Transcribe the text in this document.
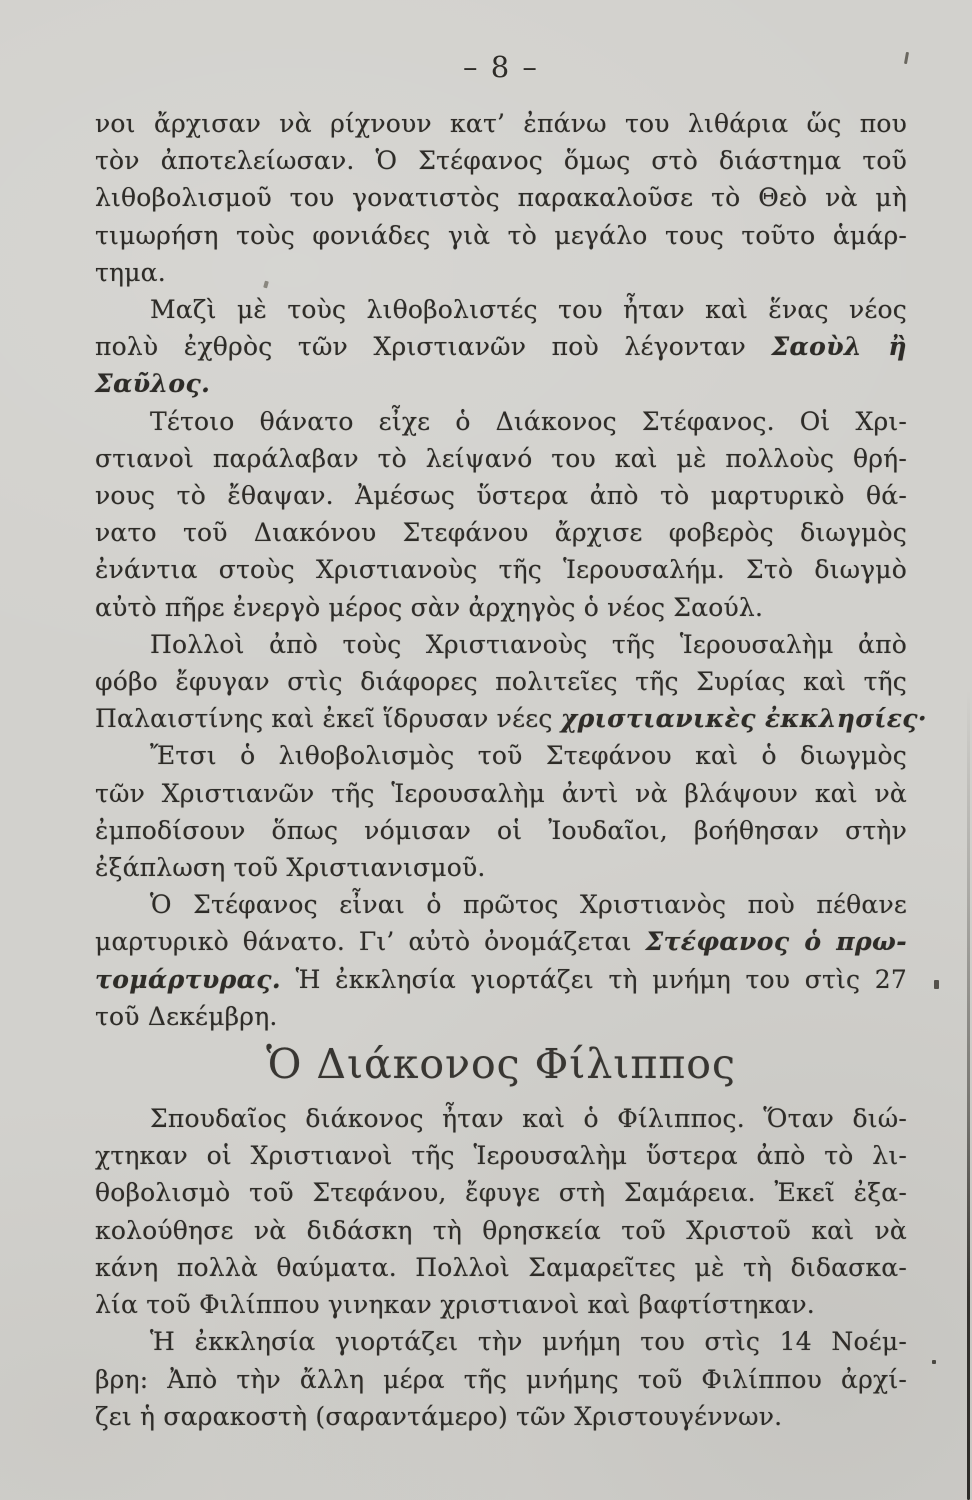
– 8 –
νοι ἄρχισαν νὰ ρίχνουν κατ’ ἐπάνω του λιθάρια ὥς που
τὸν ἀποτελείωσαν. Ὁ Στέφανος ὅμως στὸ διάστημα τοῦ
λιθοβολισμοῦ του γονατιστὸς παρακαλοῦσε τὸ Θεὸ νὰ μὴ
τιμωρήση τοὺς φονιάδες γιὰ τὸ μεγάλο τους τοῦτο ἁμάρ-
τημα.
Μαζὶ μὲ τοὺς λιθοβολιστές του ἦταν καὶ ἕνας νέος
πολὺ ἐχθρὸς τῶν Χριστιανῶν ποὺ λέγονταν Σαοὺλ ἢ
Σαῦλος.
Τέτοιο θάνατο εἶχε ὁ Διάκονος Στέφανος. Οἱ Χρι-
στιανοὶ παράλαβαν τὸ λείψανό του καὶ μὲ πολλοὺς θρή-
νους τὸ ἔθαψαν. Ἀμέσως ὕστερα ἀπὸ τὸ μαρτυρικὸ θά-
νατο τοῦ Διακόνου Στεφάνου ἄρχισε φοβερὸς διωγμὸς
ἐνάντια στοὺς Χριστιανοὺς τῆς Ἱερουσαλήμ. Στὸ διωγμὸ
αὐτὸ πῆρε ἐνεργὸ μέρος σὰν ἀρχηγὸς ὁ νέος Σαούλ.
Πολλοὶ ἀπὸ τοὺς Χριστιανοὺς τῆς Ἱερουσαλὴμ ἀπὸ
φόβο ἔφυγαν στὶς διάφορες πολιτεῖες τῆς Συρίας καὶ τῆς
Παλαιστίνης καὶ ἐκεῖ ἵδρυσαν νέες χριστιανικὲς ἐκκλησίες·
Ἔτσι ὁ λιθοβολισμὸς τοῦ Στεφάνου καὶ ὁ διωγμὸς
τῶν Χριστιανῶν τῆς Ἱερουσαλὴμ ἀντὶ νὰ βλάψουν καὶ νὰ
ἐμποδίσουν ὅπως νόμισαν οἱ Ἰουδαῖοι, βοήθησαν στὴν
ἐξάπλωση τοῦ Χριστιανισμοῦ.
Ὁ Στέφανος εἶναι ὁ πρῶτος Χριστιανὸς ποὺ πέθανε
μαρτυρικὸ θάνατο. Γι’ αὐτὸ ὀνομάζεται Στέφανος ὁ πρω-
τομάρτυρας. Ἡ ἐκκλησία γιορτάζει τὴ μνήμη του στὶς 27
τοῦ Δεκέμβρη.
Ὁ Διάκονος Φίλιππος
Σπουδαῖος διάκονος ἦταν καὶ ὁ Φίλιππος. Ὅταν διώ-
χτηκαν οἱ Χριστιανοὶ τῆς Ἱερουσαλὴμ ὕστερα ἀπὸ τὸ λι-
θοβολισμὸ τοῦ Στεφάνου, ἔφυγε στὴ Σαμάρεια. Ἐκεῖ ἐξα-
κολούθησε νὰ διδάσκη τὴ θρησκεία τοῦ Χριστοῦ καὶ νὰ
κάνη πολλὰ θαύματα. Πολλοὶ Σαμαρεῖτες μὲ τὴ διδασκα-
λία τοῦ Φιλίππου γινηκαν χριστιανοὶ καὶ βαφτίστηκαν.
Ἡ ἐκκλησία γιορτάζει τὴν μνήμη του στὶς 14 Νοέμ-
βρη: Ἀπὸ τὴν ἄλλη μέρα τῆς μνήμης τοῦ Φιλίππου ἀρχί-
ζει ἡ σαρακοστὴ (σαραντάμερο) τῶν Χριστουγέννων.
